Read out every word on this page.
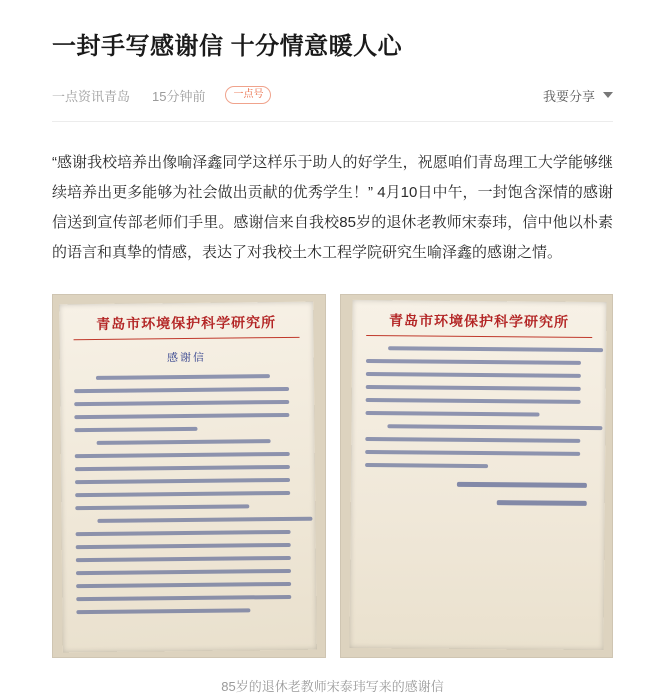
一封手写感谢信 十分情意暖人心
一点资讯青岛 15分钟前	一点号	我要分享

“感谢我校培养出像喻泽鑫同学这样乐于助人的好学生，祝愿咱们青岛理工大学能够继续培养出更多能够为社会做出贡献的优秀学生！” 4月10日中午，一封饱含深情的感谢信送到宣传部老师们手里。感谢信来自我校85岁的退休老教师宋泰玮，信中他以朴素的语言和真挚的情感，表达了对我校土木工程学院研究生喻泽鑫的感谢之情。

青岛市环境保护科学研究所
感谢信
青岛市环境保护科学研究所

85岁的退休老教师宋泰玮写来的感谢信
